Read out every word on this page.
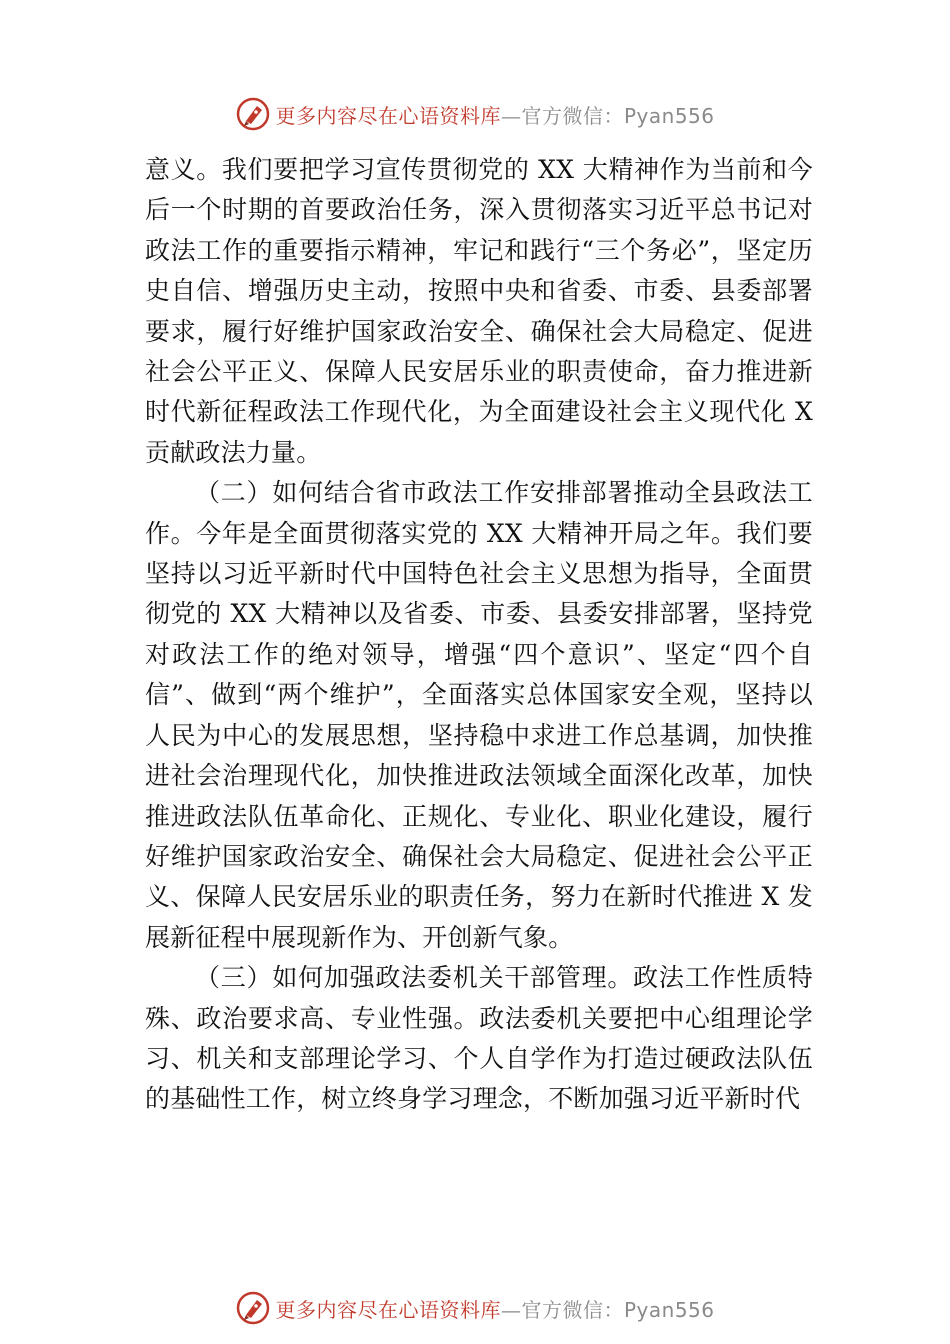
更多内容尽在心语资料库—官方微信：Pyan556

意义。我们要把学习宣传贯彻党的 XX 大精神作为当前和今后一个时期的首要政治任务，深入贯彻落实习近平总书记对政法工作的重要指示精神，牢记和践行“三个务必”，坚定历史自信、增强历史主动，按照中央和省委、市委、县委部署要求，履行好维护国家政治安全、确保社会大局稳定、促进社会公平正义、保障人民安居乐业的职责使命，奋力推进新时代新征程政法工作现代化，为全面建设社会主义现代化 X 贡献政法力量。

（二）如何结合省市政法工作安排部署推动全县政法工作。今年是全面贯彻落实党的 XX 大精神开局之年。我们要坚持以习近平新时代中国特色社会主义思想为指导，全面贯彻党的 XX 大精神以及省委、市委、县委安排部署，坚持党对政法工作的绝对领导，增强“四个意识”、坚定“四个自信”、做到“两个维护”，全面落实总体国家安全观，坚持以人民为中心的发展思想，坚持稳中求进工作总基调，加快推进社会治理现代化，加快推进政法领域全面深化改革，加快推进政法队伍革命化、正规化、专业化、职业化建设，履行好维护国家政治安全、确保社会大局稳定、促进社会公平正义、保障人民安居乐业的职责任务，努力在新时代推进 X 发展新征程中展现新作为、开创新气象。

（三）如何加强政法委机关干部管理。政法工作性质特殊、政治要求高、专业性强。政法委机关要把中心组理论学习、机关和支部理论学习、个人自学作为打造过硬政法队伍的基础性工作，树立终身学习理念，不断加强习近平新时代

更多内容尽在心语资料库—官方微信：Pyan556
